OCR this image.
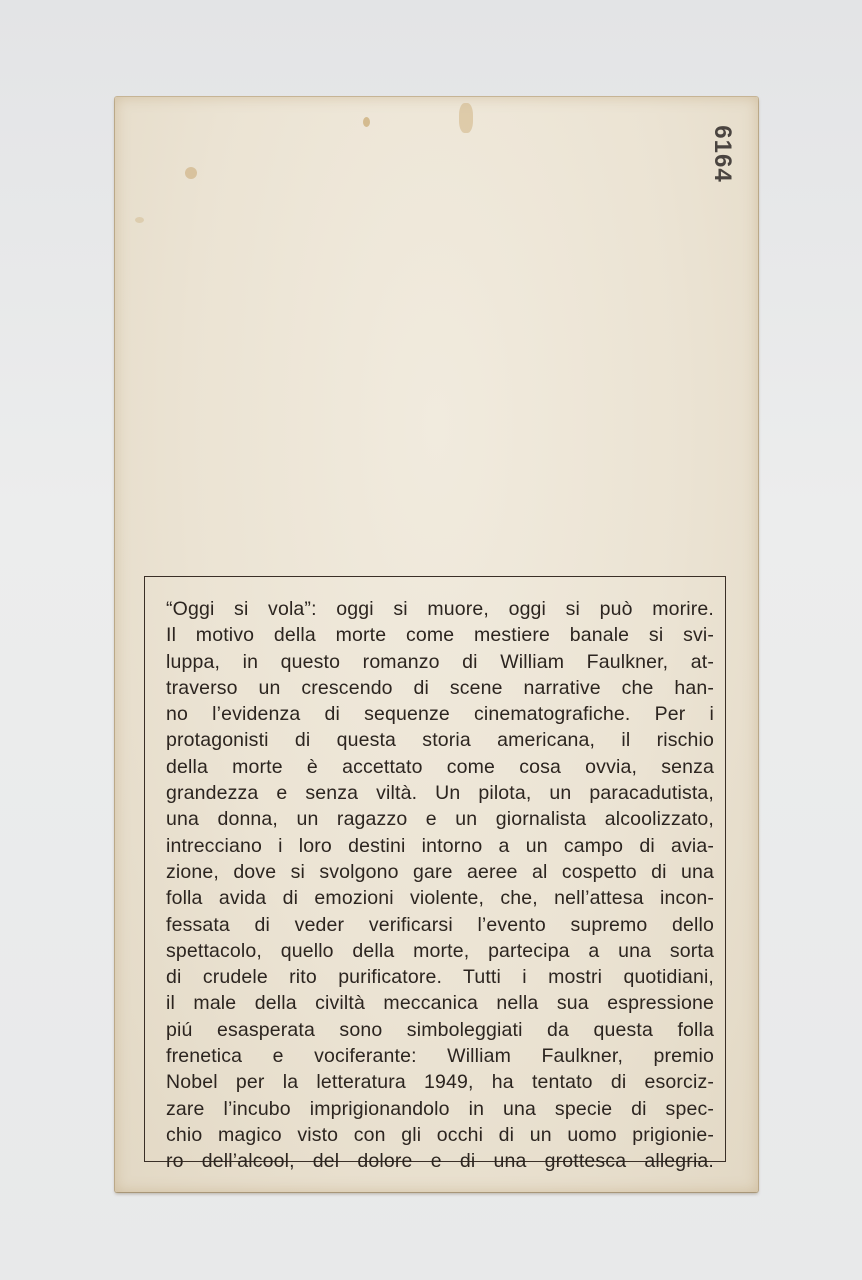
6164

“Oggi si vola”: oggi si muore, oggi si può morire.
Il motivo della morte come mestiere banale si svi-
luppa, in questo romanzo di William Faulkner, at-
traverso un crescendo di scene narrative che han-
no l’evidenza di sequenze cinematografiche. Per i
protagonisti di questa storia americana, il rischio
della morte è accettato come cosa ovvia, senza
grandezza e senza viltà. Un pilota, un paracadutista,
una donna, un ragazzo e un giornalista alcoolizzato,
intrecciano i loro destini intorno a un campo di avia-
zione, dove si svolgono gare aeree al cospetto di una
folla avida di emozioni violente, che, nell’attesa incon-
fessata di veder verificarsi l’evento supremo dello
spettacolo, quello della morte, partecipa a una sorta
di crudele rito purificatore. Tutti i mostri quotidiani,
il male della civiltà meccanica nella sua espressione
piú esasperata sono simboleggiati da questa folla
frenetica e vociferante: William Faulkner, premio
Nobel per la letteratura 1949, ha tentato di esorciz-
zare l’incubo imprigionandolo in una specie di spec-
chio magico visto con gli occhi di un uomo prigionie-
ro dell’alcool, del dolore e di una grottesca allegria.
